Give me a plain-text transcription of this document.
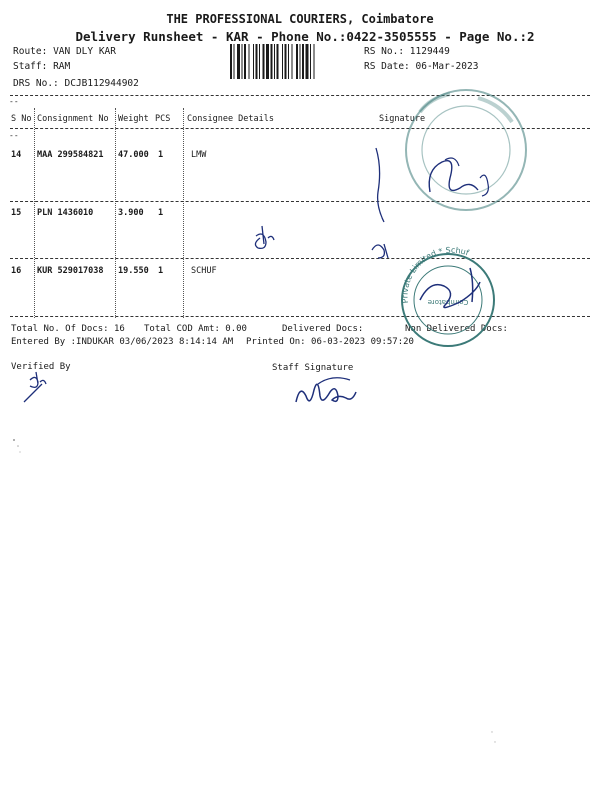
THE PROFESSIONAL COURIERS, Coimbatore
Delivery Runsheet - KAR - Phone No.:0422-3505555 - Page No.:2
Route: VAN DLY KAR
Staff: RAM
DRS No.: DCJB112944902
RS No.: 1129449
RS Date: 06-Mar-2023
--
--
S No Consignment No Weight PCS Consignee Details	Signature
14 MAA 299584821 47.000 1	LMW
15 PLN 1436010	3.900 1
16 KUR 529017038 19.550 1	SCHUF
Total No. Of Docs: 16 Total COD Amt: 0.00	Delivered Docs:	Non Delivered Docs:
Entered By :INDUKAR 03/06/2023 8:14:14 AM Printed On: 06-03-2023 09:57:20
Verified By	Staff Signature
Private Limited * Schuf
Coimbatore
